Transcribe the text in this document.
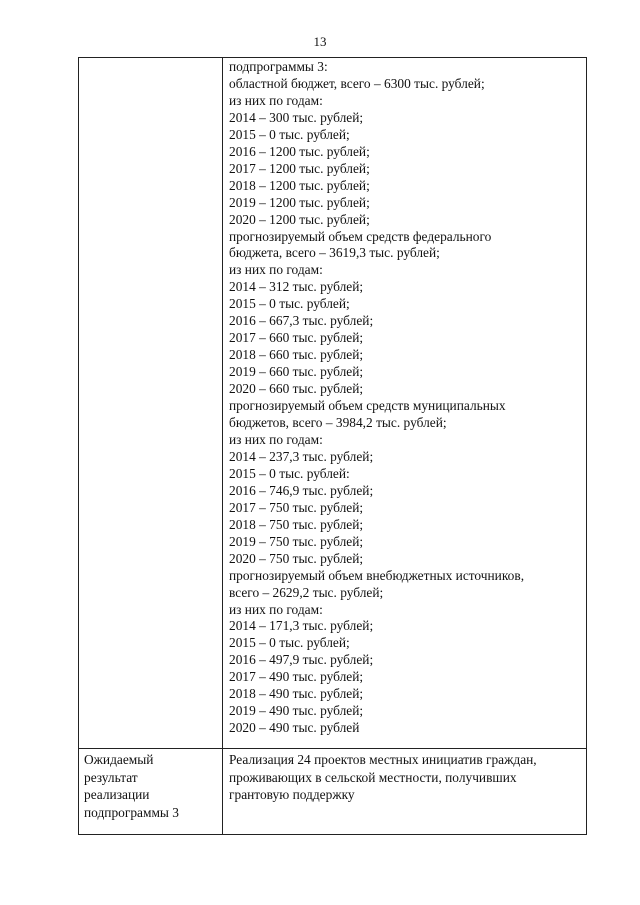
13
подпрограммы 3:
областной бюджет, всего – 6300 тыс. рублей;
из них по годам:
2014 – 300 тыс. рублей;
2015 – 0 тыс. рублей;
2016 – 1200 тыс. рублей;
2017 – 1200 тыс. рублей;
2018 – 1200 тыс. рублей;
2019 – 1200 тыс. рублей;
2020 – 1200 тыс. рублей;
прогнозируемый объем средств федерального
бюджета, всего – 3619,3 тыс. рублей;
из них по годам:
2014 – 312 тыс. рублей;
2015 – 0 тыс. рублей;
2016 – 667,3 тыс. рублей;
2017 – 660 тыс. рублей;
2018 – 660 тыс. рублей;
2019 – 660 тыс. рублей;
2020 – 660 тыс. рублей;
прогнозируемый объем средств муниципальных
бюджетов, всего – 3984,2 тыс. рублей;
из них по годам:
2014 – 237,3 тыс. рублей;
2015 – 0 тыс. рублей:
2016 – 746,9 тыс. рублей;
2017 – 750 тыс. рублей;
2018 – 750 тыс. рублей;
2019 – 750 тыс. рублей;
2020 – 750 тыс. рублей;
прогнозируемый объем внебюджетных источников,
всего – 2629,2 тыс. рублей;
из них по годам:
2014 – 171,3 тыс. рублей;
2015 – 0 тыс. рублей;
2016 – 497,9 тыс. рублей;
2017 – 490 тыс. рублей;
2018 – 490 тыс. рублей;
2019 – 490 тыс. рублей;
2020 – 490 тыс. рублей
Ожидаемый
результат
реализации
подпрограммы 3
Реализация 24 проектов местных инициатив граждан,
проживающих в сельской местности, получивших
грантовую поддержку
